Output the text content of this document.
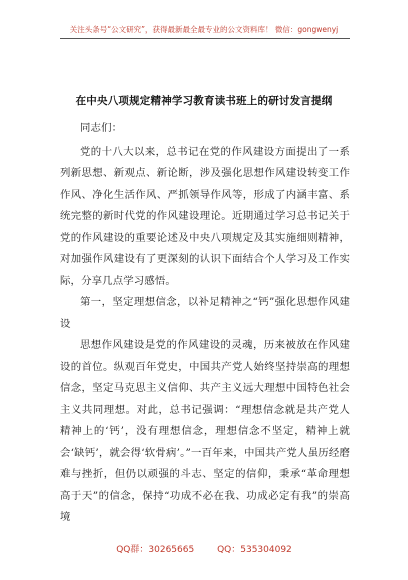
关注头条号“公文研究”，获得最新最全最专业的公文资料库！ 微信：gongwenyj
在中央八项规定精神学习教育读书班上的研讨发言提纲

同志们：

党的十八大以来，总书记在党的作风建设方面提出了一系列新思想、新观点、新论断，涉及强化思想作风建设转变工作作风、净化生活作风、严抓领导作风等，形成了内涵丰富、系统完整的新时代党的作风建设理论。近期通过学习总书记关于党的作风建设的重要论述及中央八项规定及其实施细则精神，对加强作风建设有了更深刻的认识下面结合个人学习及工作实际，分享几点学习感悟。

第一，坚定理想信念，以补足精神之“钙”强化思想作风建设

思想作风建设是党的作风建设的灵魂，历来被放在作风建设的首位。纵观百年党史，中国共产党人始终坚持崇高的理想信念，坚定马克思主义信仰、共产主义远大理想中国特色社会主义共同理想。对此，总书记强调：“理想信念就是共产党人精神上的‘钙’，没有理想信念，理想信念不坚定，精神上就会‘缺钙’，就会得‘软骨病’。”一百年来，中国共产党人虽历经磨难与挫折，但仍以顽强的斗志、坚定的信仰，秉承“革命理想高于天”的信念，保持“功成不必在我、功成必定有我”的崇高境

QQ群：30265665	QQ：535304092
